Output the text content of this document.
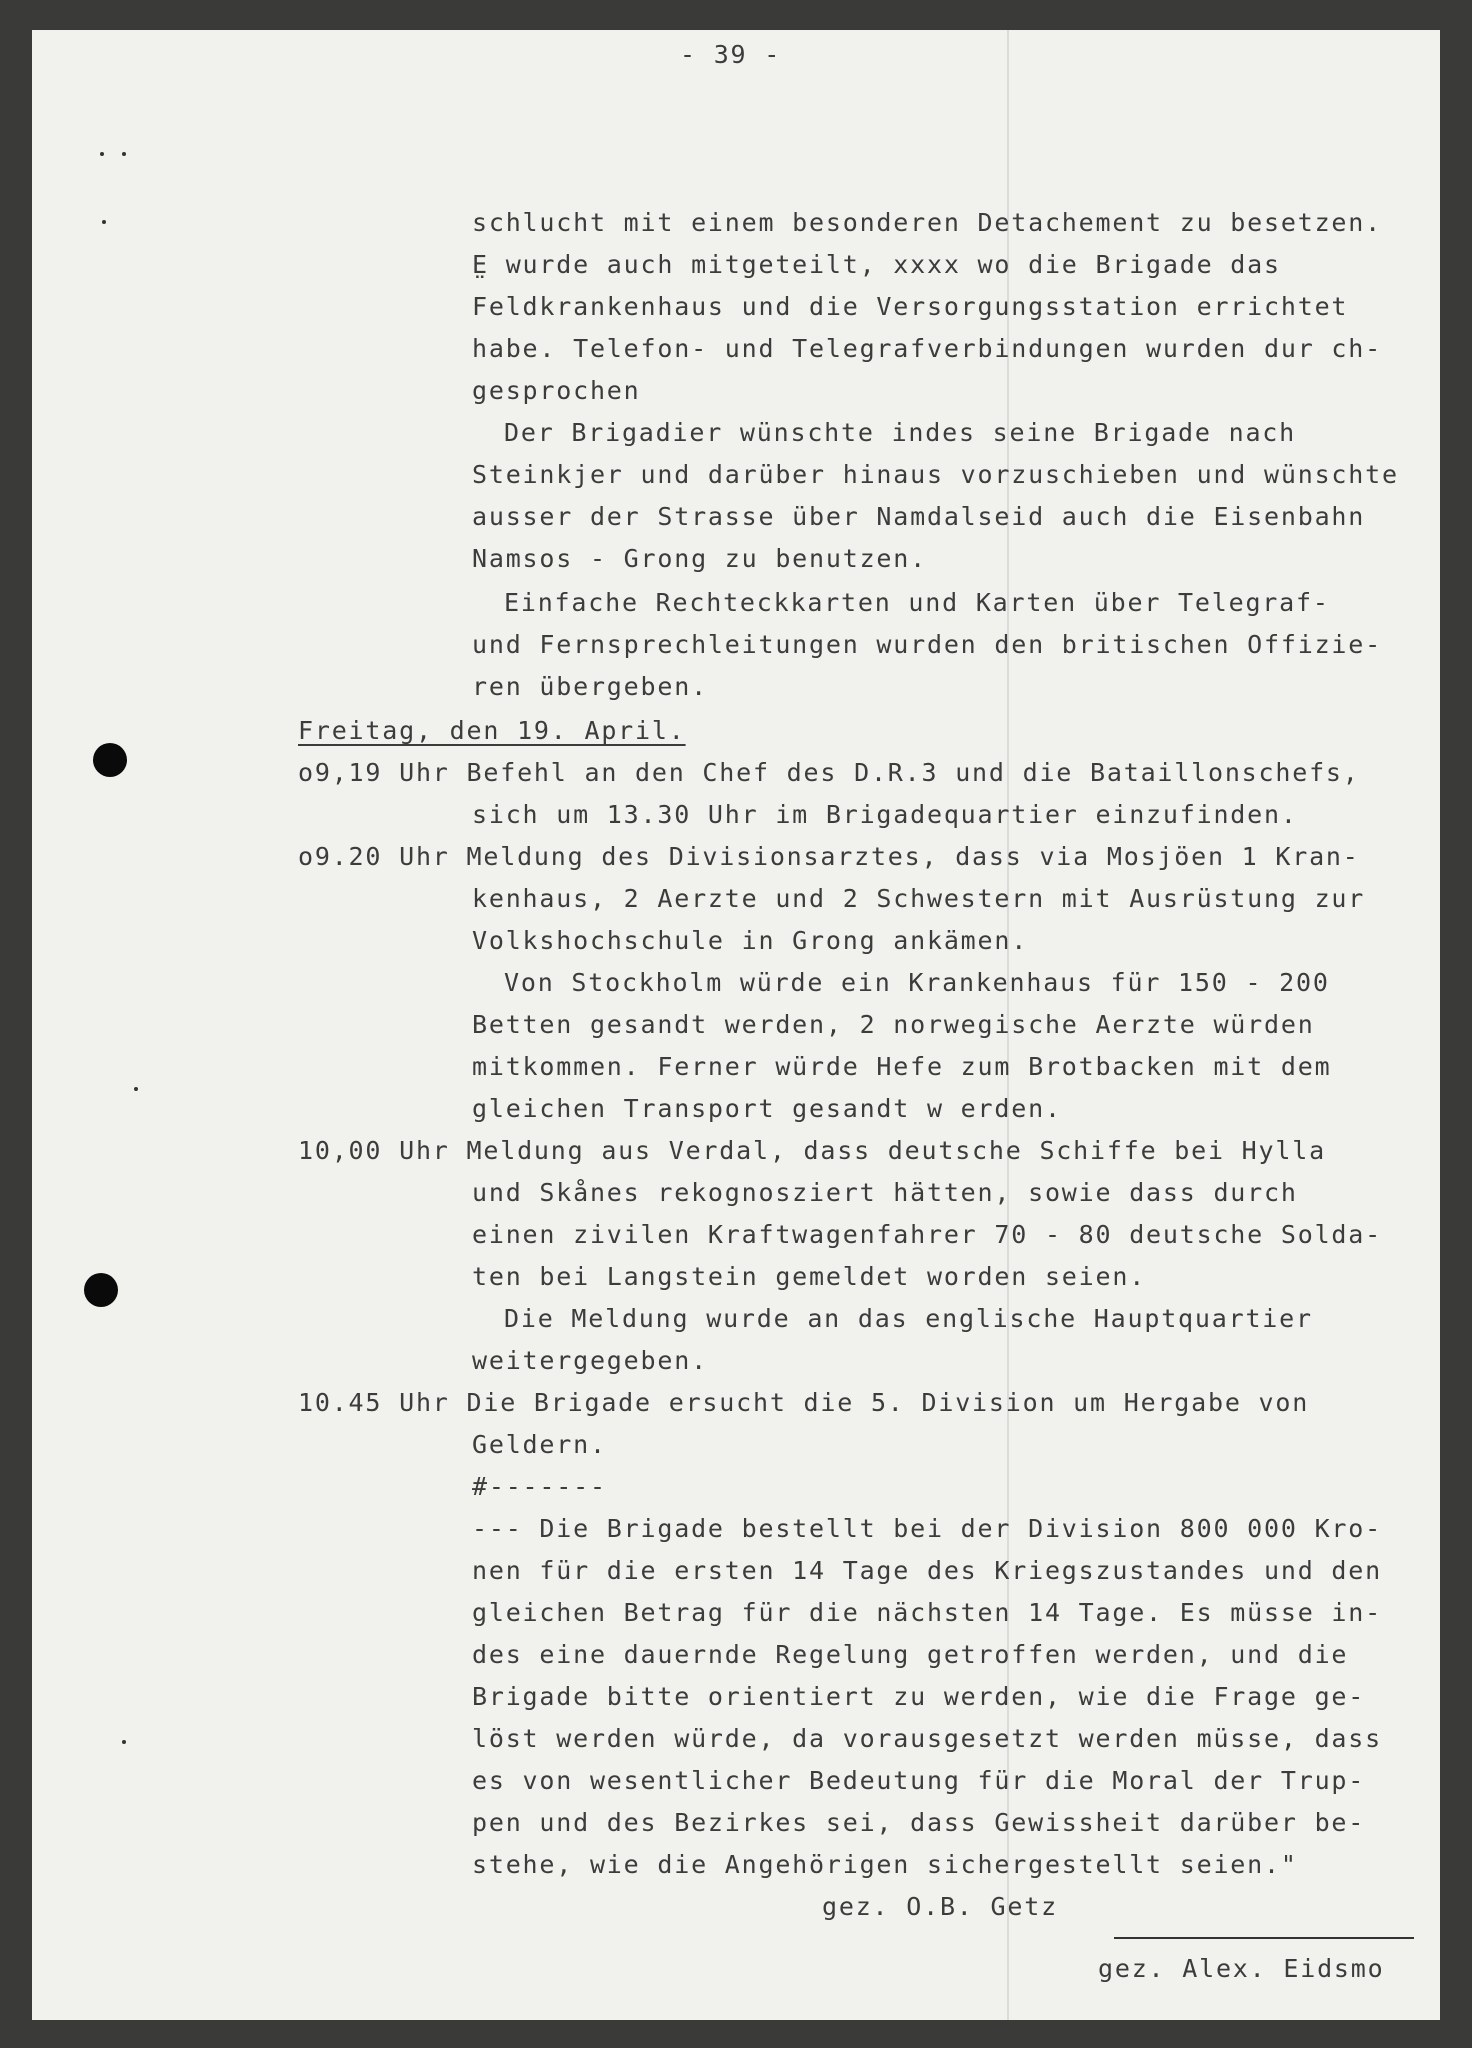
- 39 -
schlucht mit einem besonderen Detachement zu besetzen.
E̤ wurde auch mitgeteilt, xxxx wo die Brigade das
Feldkrankenhaus und die Versorgungsstation errichtet
habe. Telefon- und Telegrafverbindungen wurden dur ch-
gesprochen
Der Brigadier wünschte indes seine Brigade nach
Steinkjer und darüber hinaus vorzuschieben und wünschte
ausser der Strasse über Namdalseid auch die Eisenbahn
Namsos - Grong zu benutzen.
Einfache Rechteckkarten und Karten über Telegraf-
und Fernsprechleitungen wurden den britischen Offizie-
ren übergeben.
Freitag, den 19. April.
o9,19 Uhr Befehl an den Chef des D.R.3 und die Bataillonschefs,
sich um 13.30 Uhr im Brigadequartier einzufinden.
o9.20 Uhr Meldung des Divisionsarztes, dass via Mosjöen 1 Kran-
kenhaus, 2 Aerzte und 2 Schwestern mit Ausrüstung zur
Volkshochschule in Grong ankämen.
Von Stockholm würde ein Krankenhaus für 150 - 200
Betten gesandt werden, 2 norwegische Aerzte würden
mitkommen. Ferner würde Hefe zum Brotbacken mit dem
gleichen Transport gesandt w erden.
10,00 Uhr Meldung aus Verdal, dass deutsche Schiffe bei Hylla
und Skånes rekognosziert hätten, sowie dass durch
einen zivilen Kraftwagenfahrer 70 - 80 deutsche Solda-
ten bei Langstein gemeldet worden seien.
Die Meldung wurde an das englische Hauptquartier
weitergegeben.
10.45 Uhr Die Brigade ersucht die 5. Division um Hergabe von
Geldern.
#-------
--- Die Brigade bestellt bei der Division 800 000 Kro-
nen für die ersten 14 Tage des Kriegszustandes und den
gleichen Betrag für die nächsten 14 Tage. Es müsse in-
des eine dauernde Regelung getroffen werden, und die
Brigade bitte orientiert zu werden, wie die Frage ge-
löst werden würde, da vorausgesetzt werden müsse, dass
es von wesentlicher Bedeutung für die Moral der Trup-
pen und des Bezirkes sei, dass Gewissheit darüber be-
stehe, wie die Angehörigen sichergestellt seien."
gez. O.B. Getz
gez. Alex. Eidsmo
